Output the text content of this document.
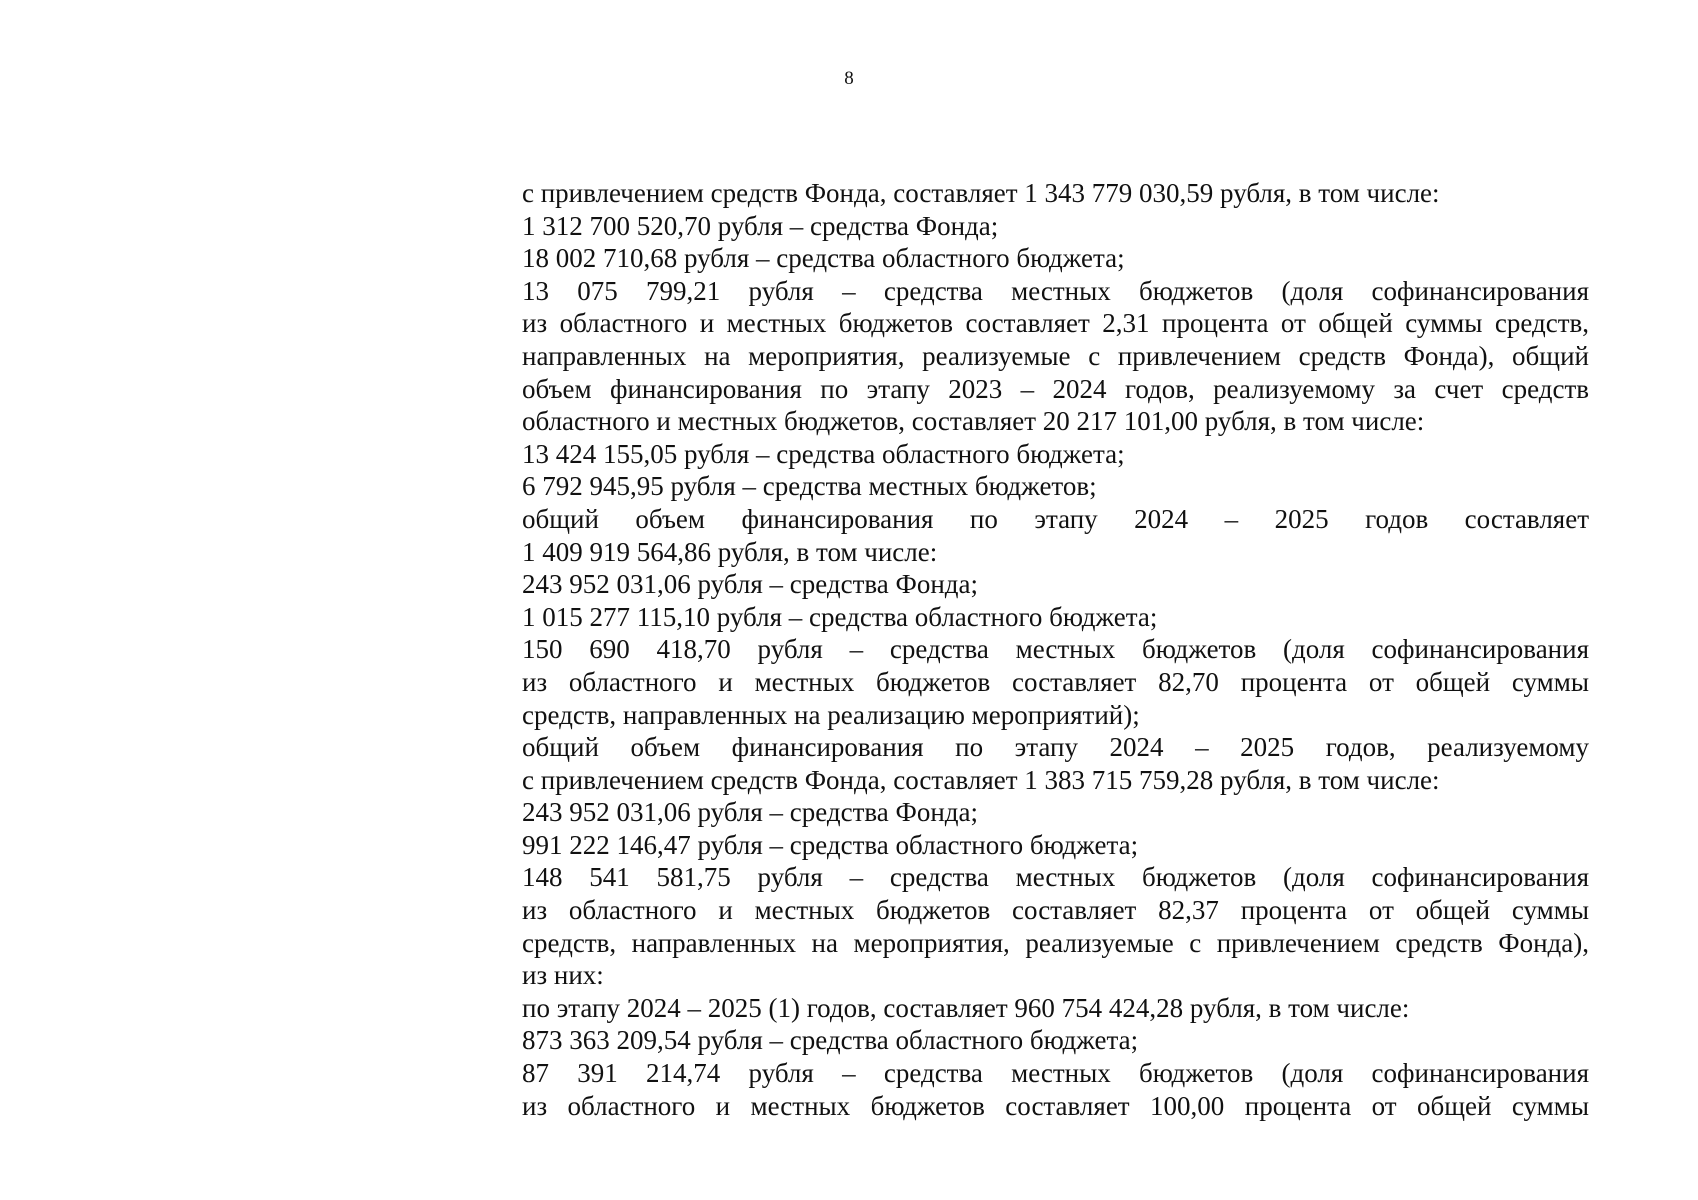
8
с привлечением средств Фонда, составляет 1 343 779 030,59 рубля, в том числе:
1 312 700 520,70 рубля – средства Фонда;
18 002 710,68 рубля – средства областного бюджета;
13 075 799,21 рубля – средства местных бюджетов (доля софинансирования
из областного и местных бюджетов составляет 2,31 процента от общей суммы средств,
направленных на мероприятия, реализуемые с привлечением средств Фонда), общий
объем финансирования по этапу 2023 – 2024 годов, реализуемому за счет средств
областного и местных бюджетов, составляет 20 217 101,00 рубля, в том числе:
13 424 155,05 рубля – средства областного бюджета;
6 792 945,95 рубля – средства местных бюджетов;
общий объем финансирования по этапу 2024 – 2025 годов составляет
1 409 919 564,86 рубля, в том числе:
243 952 031,06 рубля – средства Фонда;
1 015 277 115,10 рубля – средства областного бюджета;
150 690 418,70 рубля – средства местных бюджетов (доля софинансирования
из областного и местных бюджетов составляет 82,70 процента от общей суммы
средств, направленных на реализацию мероприятий);
общий объем финансирования по этапу 2024 – 2025 годов, реализуемому
с привлечением средств Фонда, составляет 1 383 715 759,28 рубля, в том числе:
243 952 031,06 рубля – средства Фонда;
991 222 146,47 рубля – средства областного бюджета;
148 541 581,75 рубля – средства местных бюджетов (доля софинансирования
из областного и местных бюджетов составляет 82,37 процента от общей суммы
средств, направленных на мероприятия, реализуемые с привлечением средств Фонда),
из них:
по этапу 2024 – 2025 (1) годов, составляет 960 754 424,28 рубля, в том числе:
873 363 209,54 рубля – средства областного бюджета;
87 391 214,74 рубля – средства местных бюджетов (доля софинансирования
из областного и местных бюджетов составляет 100,00 процента от общей суммы
